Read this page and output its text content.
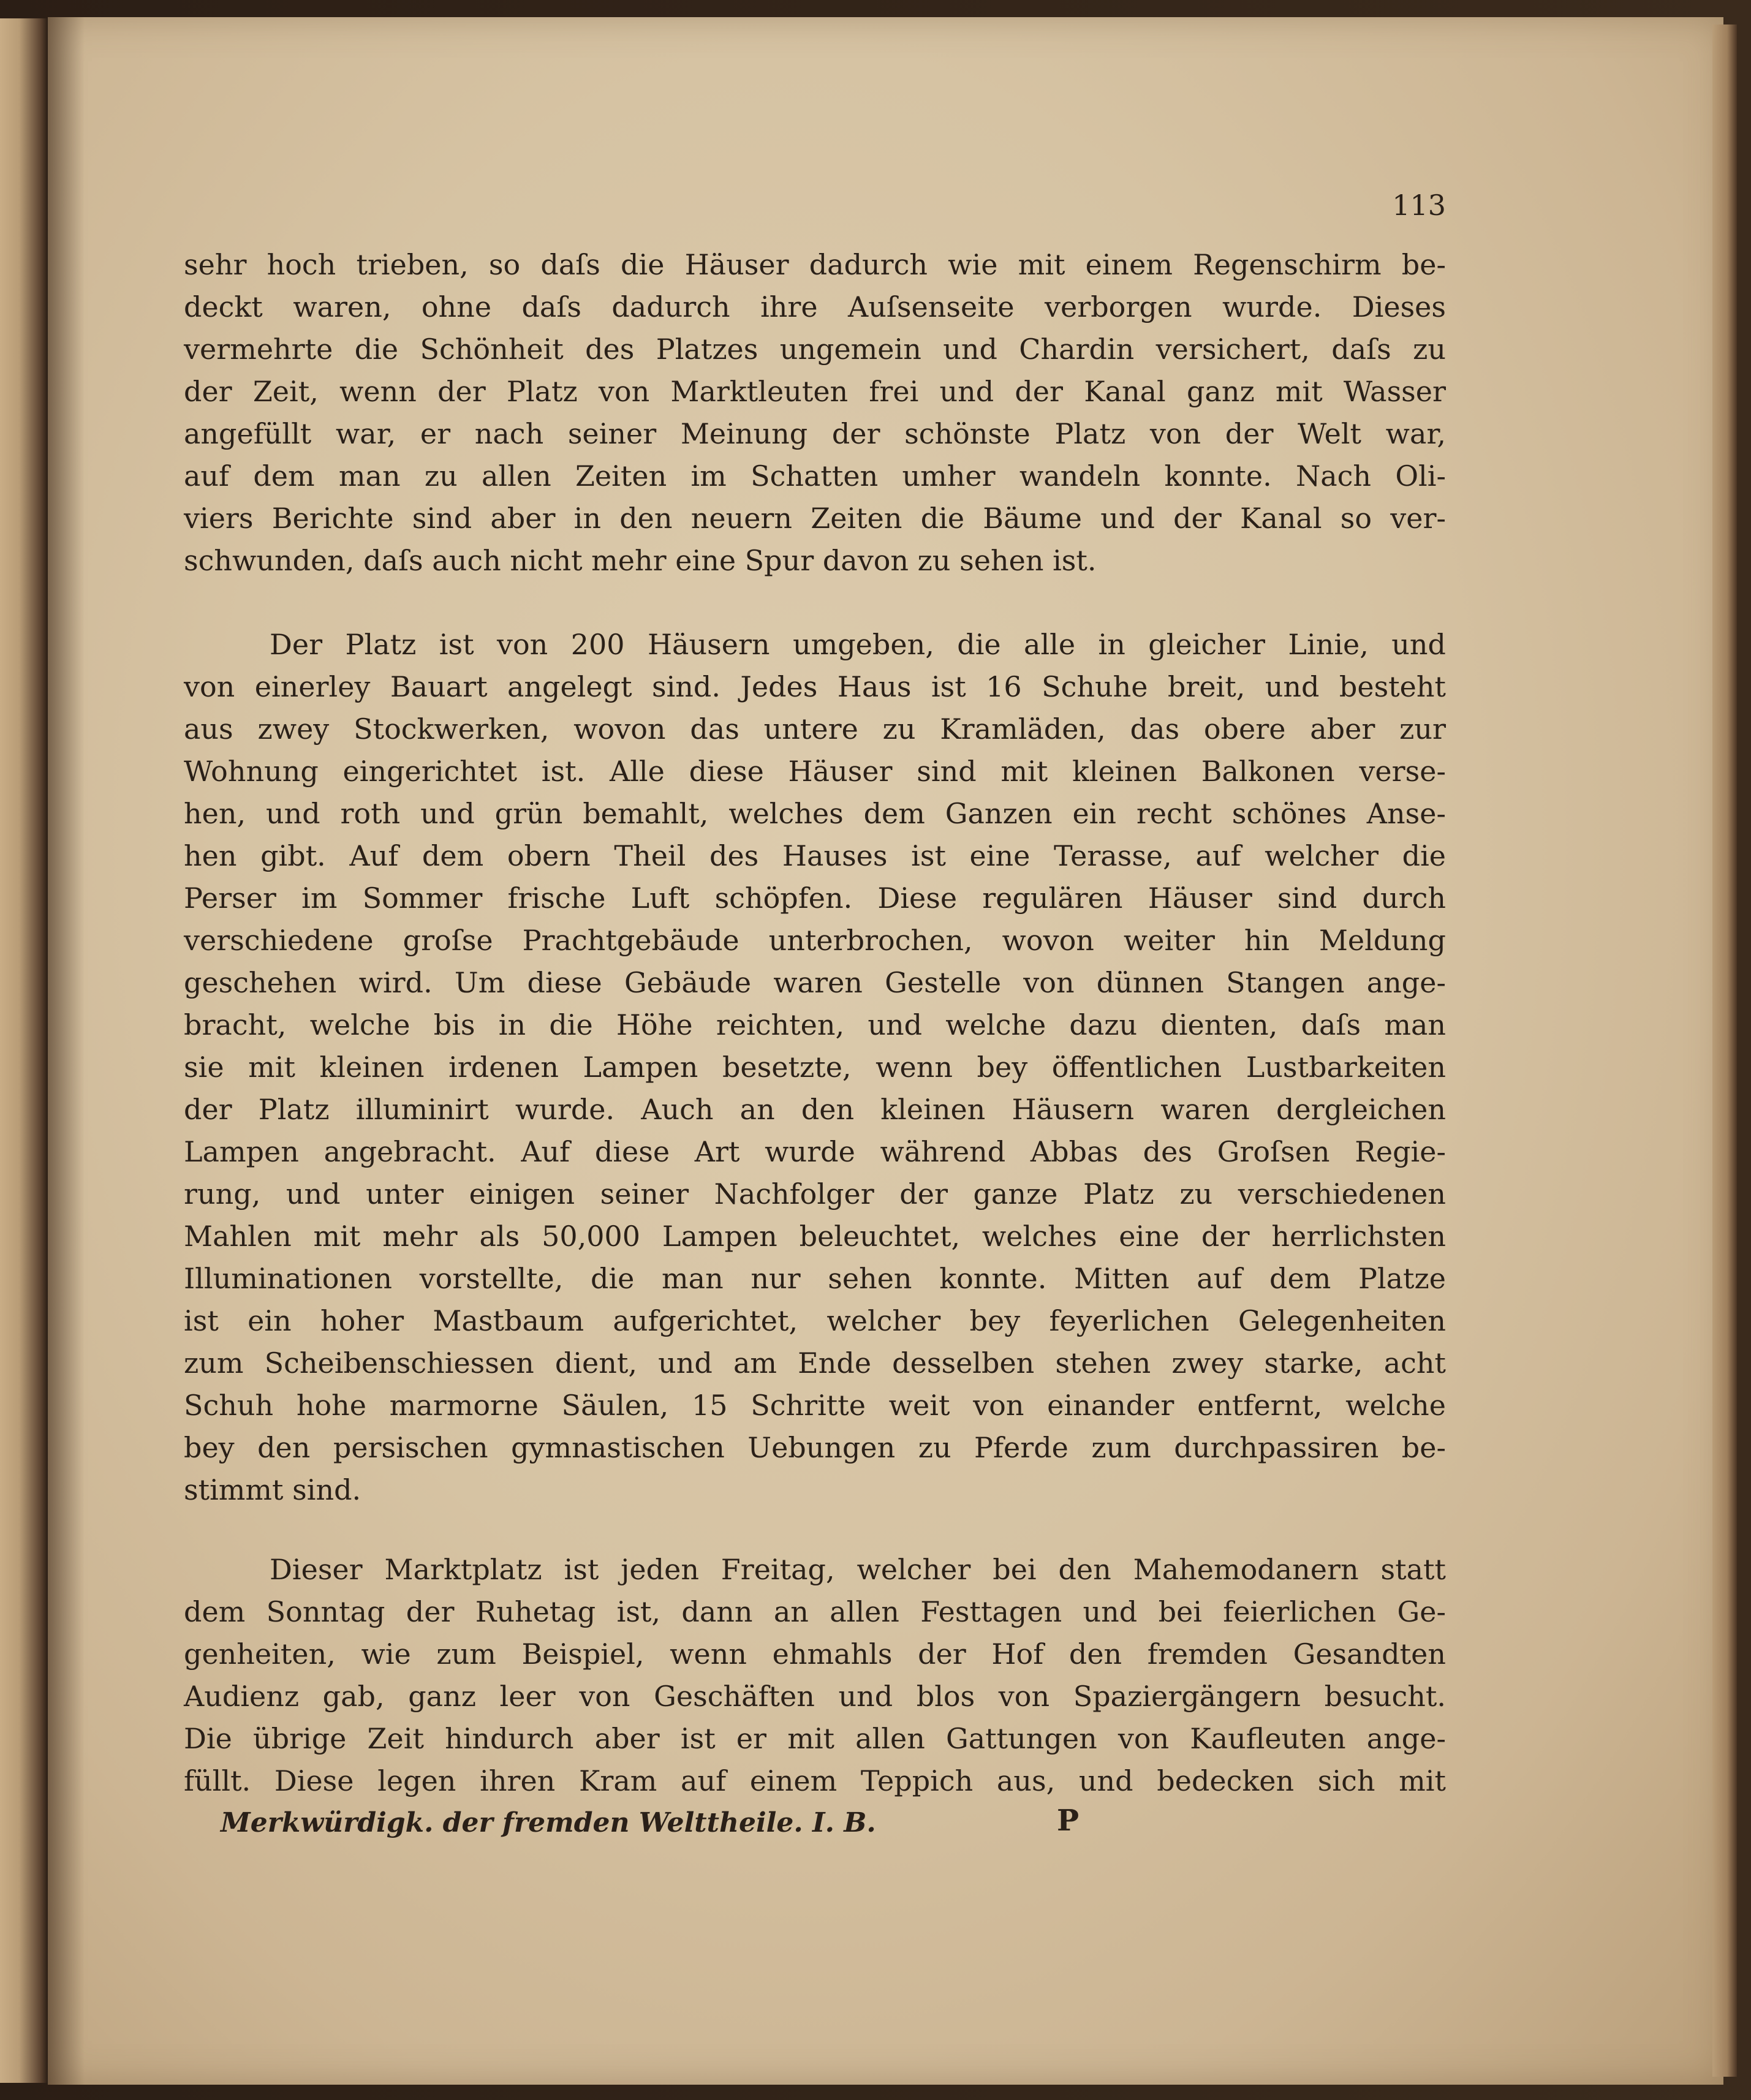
113
sehr hoch trieben, so daſs die Häuser dadurch wie mit einem Regenschirm be-
deckt waren, ohne daſs dadurch ihre Auſsenseite verborgen wurde. Dieses
vermehrte die Schönheit des Platzes ungemein und Chardin versichert, daſs zu
der Zeit, wenn der Platz von Marktleuten frei und der Kanal ganz mit Wasser
angefüllt war, er nach seiner Meinung der schönste Platz von der Welt war,
auf dem man zu allen Zeiten im Schatten umher wandeln konnte. Nach Oli-
viers Berichte sind aber in den neuern Zeiten die Bäume und der Kanal so ver-
schwunden, daſs auch nicht mehr eine Spur davon zu sehen ist.
Der Platz ist von 200 Häusern umgeben, die alle in gleicher Linie, und
von einerley Bauart angelegt sind. Jedes Haus ist 16 Schuhe breit, und besteht
aus zwey Stockwerken, wovon das untere zu Kramläden, das obere aber zur
Wohnung eingerichtet ist. Alle diese Häuser sind mit kleinen Balkonen verse-
hen, und roth und grün bemahlt, welches dem Ganzen ein recht schönes Anse-
hen gibt. Auf dem obern Theil des Hauses ist eine Terasse, auf welcher die
Perser im Sommer frische Luft schöpfen. Diese regulären Häuser sind durch
verschiedene groſse Prachtgebäude unterbrochen, wovon weiter hin Meldung
geschehen wird. Um diese Gebäude waren Gestelle von dünnen Stangen ange-
bracht, welche bis in die Höhe reichten, und welche dazu dienten, daſs man
sie mit kleinen irdenen Lampen besetzte, wenn bey öffentlichen Lustbarkeiten
der Platz illuminirt wurde. Auch an den kleinen Häusern waren dergleichen
Lampen angebracht. Auf diese Art wurde während Abbas des Groſsen Regie-
rung, und unter einigen seiner Nachfolger der ganze Platz zu verschiedenen
Mahlen mit mehr als 50,000 Lampen beleuchtet, welches eine der herrlichsten
Illuminationen vorstellte, die man nur sehen konnte. Mitten auf dem Platze
ist ein hoher Mastbaum aufgerichtet, welcher bey feyerlichen Gelegenheiten
zum Scheibenschiessen dient, und am Ende desselben stehen zwey starke, acht
Schuh hohe marmorne Säulen, 15 Schritte weit von einander entfernt, welche
bey den persischen gymnastischen Uebungen zu Pferde zum durchpassiren be-
stimmt sind.
Dieser Marktplatz ist jeden Freitag, welcher bei den Mahemodanern statt
dem Sonntag der Ruhetag ist, dann an allen Festtagen und bei feierlichen Ge-
genheiten, wie zum Beispiel, wenn ehmahls der Hof den fremden Gesandten
Audienz gab, ganz leer von Geschäften und blos von Spaziergängern besucht.
Die übrige Zeit hindurch aber ist er mit allen Gattungen von Kaufleuten ange-
füllt. Diese legen ihren Kram auf einem Teppich aus, und bedecken sich mit
Merkwürdigk. der fremden Welttheile. I. B.	P
